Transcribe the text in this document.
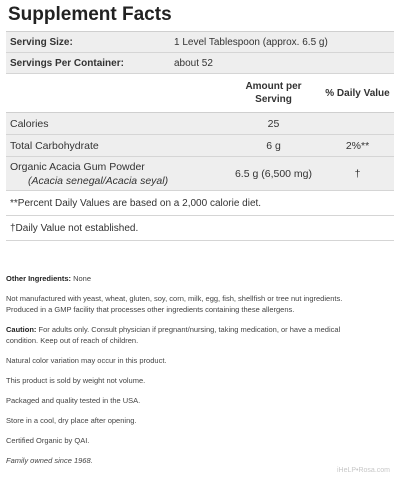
Supplement Facts
Serving Size:	1 Level Tablespoon (approx. 6.5 g)
Servings Per Container:	about 52
Amount per
Serving
% Daily Value
Calories	25
Total Carbohydrate	6 g	2%**
Organic Acacia Gum Powder
(Acacia senegal/Acacia seyal)
6.5 g (6,500 mg)	†
**Percent Daily Values are based on a 2,000 calorie diet.
†Daily Value not established.

Other Ingredients: None

Not manufactured with yeast, wheat, gluten, soy, corn, milk, egg, fish, shellfish or tree nut ingredients.
Produced in a GMP facility that processes other ingredients containing these allergens.

Caution: For adults only. Consult physician if pregnant/nursing, taking medication, or have a medical
condition. Keep out of reach of children.

Natural color variation may occur in this product.

This product is sold by weight not volume.

Packaged and quality tested in the USA.

Store in a cool, dry place after opening.

Certified Organic by QAI.

Family owned since 1968.

iHeLP•Rosa.com
